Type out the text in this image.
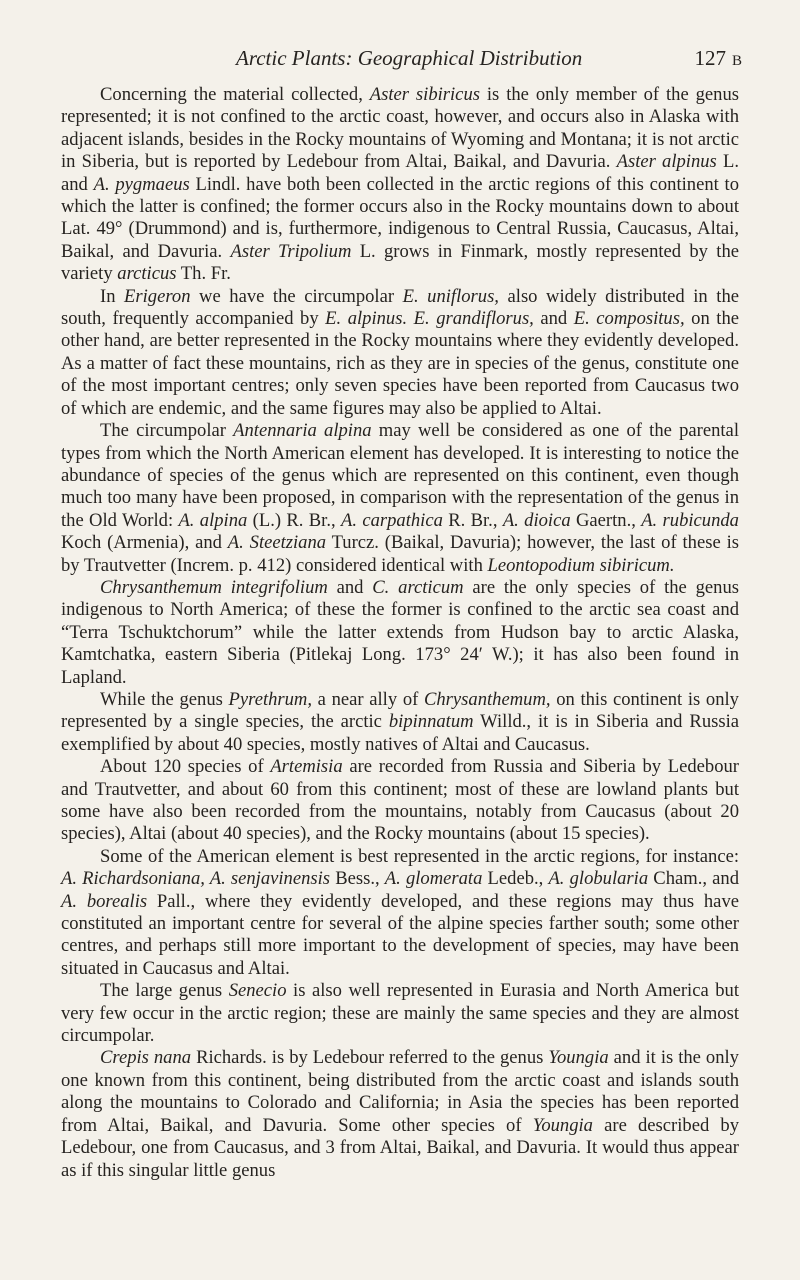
Arctic Plants: Geographical Distribution	127 B

Concerning the material collected, Aster sibiricus is the only member of the genus represented; it is not confined to the arctic coast, however, and occurs also in Alaska with adjacent islands, besides in the Rocky mountains of Wyoming and Montana; it is not arctic in Siberia, but is reported by Ledebour from Altai, Baikal, and Davuria. Aster alpinus L. and A. pygmaeus Lindl. have both been collected in the arctic regions of this continent to which the latter is confined; the former occurs also in the Rocky mountains down to about Lat. 49° (Drummond) and is, furthermore, indigenous to Central Russia, Caucasus, Altai, Baikal, and Davuria. Aster Tripolium L. grows in Finmark, mostly represented by the variety arcticus Th. Fr.

In Erigeron we have the circumpolar E. uniflorus, also widely distributed in the south, frequently accompanied by E. alpinus. E. grandiflorus, and E. compositus, on the other hand, are better represented in the Rocky mountains where they evidently developed. As a matter of fact these mountains, rich as they are in species of the genus, constitute one of the most important centres; only seven species have been reported from Caucasus two of which are endemic, and the same figures may also be applied to Altai.

The circumpolar Antennaria alpina may well be considered as one of the parental types from which the North American element has developed. It is interesting to notice the abundance of species of the genus which are represented on this continent, even though much too many have been proposed, in comparison with the representation of the genus in the Old World: A. alpina (L.) R. Br., A. carpathica R. Br., A. dioica Gaertn., A. rubicunda Koch (Armenia), and A. Steetziana Turcz. (Baikal, Davuria); however, the last of these is by Trautvetter (Increm. p. 412) considered identical with Leontopodium sibiricum.

Chrysanthemum integrifolium and C. arcticum are the only species of the genus indigenous to North America; of these the former is confined to the arctic sea coast and “Terra Tschuktchorum” while the latter extends from Hudson bay to arctic Alaska, Kamtchatka, eastern Siberia (Pitlekaj Long. 173° 24′ W.); it has also been found in Lapland.

While the genus Pyrethrum, a near ally of Chrysanthemum, on this continent is only represented by a single species, the arctic bipinnatum Willd., it is in Siberia and Russia exemplified by about 40 species, mostly natives of Altai and Caucasus.

About 120 species of Artemisia are recorded from Russia and Siberia by Ledebour and Trautvetter, and about 60 from this continent; most of these are lowland plants but some have also been recorded from the mountains, notably from Caucasus (about 20 species), Altai (about 40 species), and the Rocky mountains (about 15 species).

Some of the American element is best represented in the arctic regions, for instance: A. Richardsoniana, A. senjavinensis Bess., A. glomerata Ledeb., A. globularia Cham., and A. borealis Pall., where they evidently developed, and these regions may thus have constituted an important centre for several of the alpine species farther south; some other centres, and perhaps still more important to the development of species, may have been situated in Caucasus and Altai.

The large genus Senecio is also well represented in Eurasia and North America but very few occur in the arctic region; these are mainly the same species and they are almost circumpolar.

Crepis nana Richards. is by Ledebour referred to the genus Youngia and it is the only one known from this continent, being distributed from the arctic coast and islands south along the mountains to Colorado and California; in Asia the species has been reported from Altai, Baikal, and Davuria. Some other species of Youngia are described by Ledebour, one from Caucasus, and 3 from Altai, Baikal, and Davuria. It would thus appear as if this singular little genus
